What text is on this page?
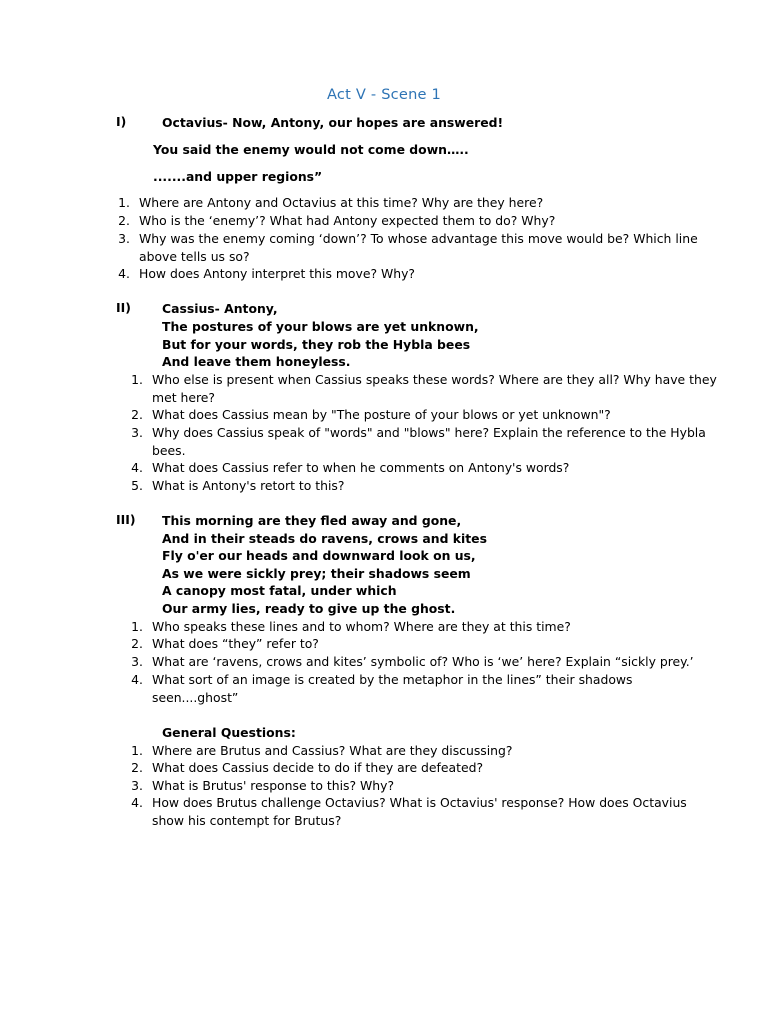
Act V - Scene 1
I)	Octavius- Now, Antony, our hopes are answered!
You said the enemy would not come down…..
.......and upper regions”
1. Where are Antony and Octavius at this time? Why are they here?
2. Who is the ‘enemy’? What had Antony expected them to do? Why?
3. Why was the enemy coming ‘down’? To whose advantage this move would be? Which line
above tells us so?
4. How does Antony interpret this move? Why?
II)	Cassius- Antony,
The postures of your blows are yet unknown,
But for your words, they rob the Hybla bees
And leave them honeyless.
1. Who else is present when Cassius speaks these words? Where are they all? Why have they
met here?
2. What does Cassius mean by "The posture of your blows or yet unknown"?
3. Why does Cassius speak of "words" and "blows" here? Explain the reference to the Hybla
bees.
4. What does Cassius refer to when he comments on Antony's words?
5. What is Antony's retort to this?
III) This morning are they fled away and gone,
And in their steads do ravens, crows and kites
Fly o'er our heads and downward look on us,
As we were sickly prey; their shadows seem
A canopy most fatal, under which
Our army lies, ready to give up the ghost.
1. Who speaks these lines and to whom? Where are they at this time?
2. What does “they” refer to?
3. What are ‘ravens, crows and kites’ symbolic of? Who is ‘we’ here? Explain “sickly prey.’
4. What sort of an image is created by the metaphor in the lines” their shadows
seen....ghost”
General Questions:
1. Where are Brutus and Cassius? What are they discussing?
2. What does Cassius decide to do if they are defeated?
3. What is Brutus' response to this? Why?
4. How does Brutus challenge Octavius? What is Octavius' response? How does Octavius
show his contempt for Brutus?
